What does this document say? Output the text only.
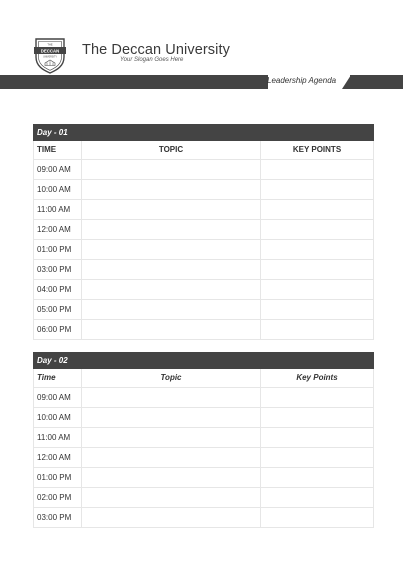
THE
DECCAN
UNIVERSITY The Deccan University
Your Slogan Goes Here
Leadership Agenda
Day - 01
TIME	TOPIC	KEY POINTS
09:00 AM
10:00 AM
11:00 AM
12:00 AM
01:00 PM
03:00 PM
04:00 PM
05:00 PM
06:00 PM
Day - 02
Time	Topic	Key Points
09:00 AM
10:00 AM
11:00 AM
12:00 AM
01:00 PM
02:00 PM
03:00 PM
